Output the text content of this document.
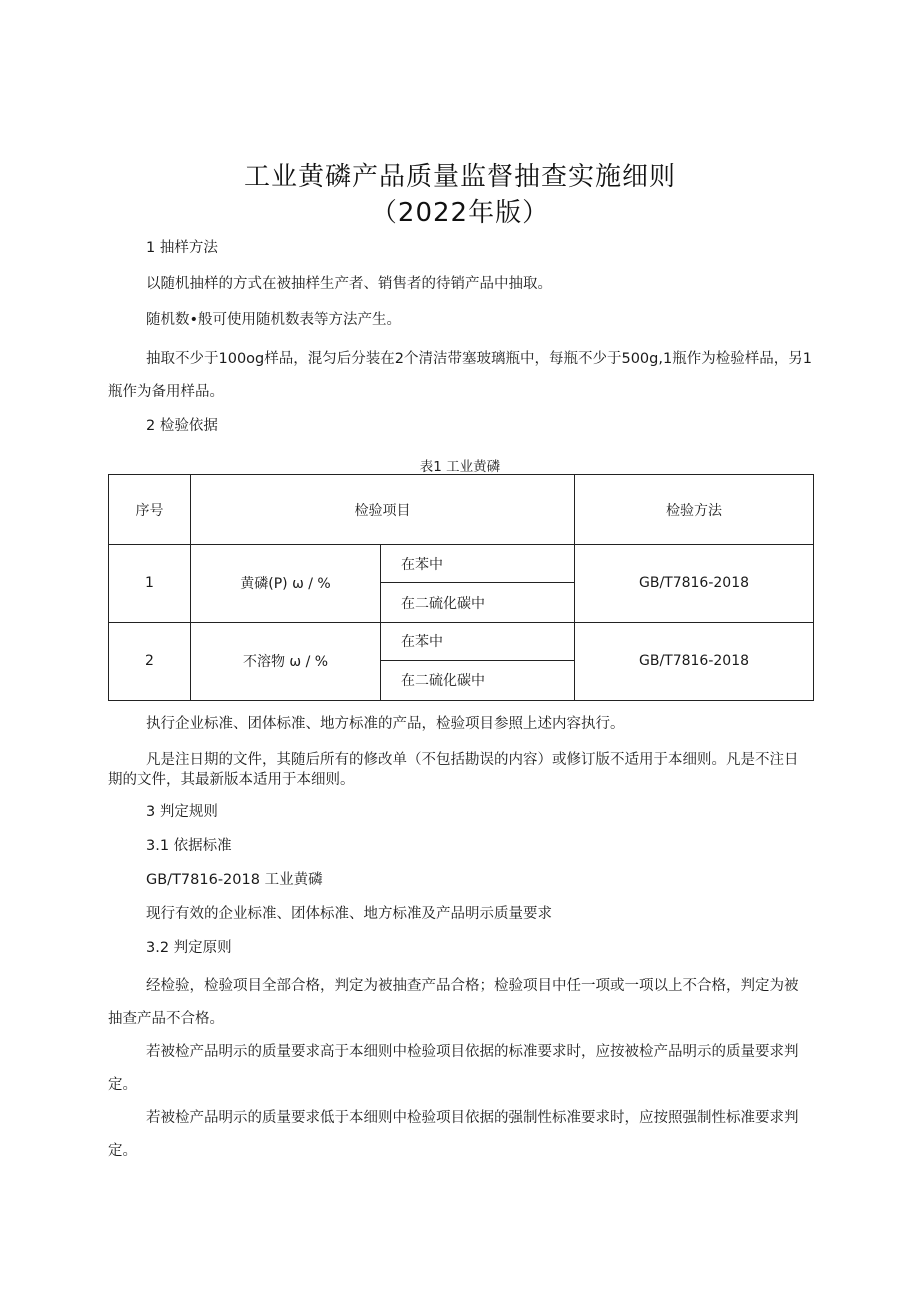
工业黄磷产品质量监督抽查实施细则
（2022年版）
1 抽样方法
以随机抽样的方式在被抽样生产者、销售者的待销产品中抽取。
随机数•般可使用随机数表等方法产生。
抽取不少于100og样品，混匀后分装在2个清洁带塞玻璃瓶中，每瓶不少于500g,1瓶作为检验样品，另1瓶作为备用样品。
2 检验依据
表1 工业黄磷
序号	检验项目		检验方法
1	黄磷(P) ω / %	在苯中	GB/T7816-2018
		在二硫化碳中	
2	不溶物 ω / %	在苯中	GB/T7816-2018
		在二硫化碳中	
执行企业标准、团体标准、地方标准的产品，检验项目参照上述内容执行。
凡是注日期的文件，其随后所有的修改单（不包括勘误的内容）或修订版不适用于本细则。凡是不注日期的文件，其最新版本适用于本细则。
3 判定规则
3.1 依据标准
GB/T7816-2018 工业黄磷
现行有效的企业标准、团体标准、地方标准及产品明示质量要求
3.2 判定原则
经检验，检验项目全部合格，判定为被抽查产品合格；检验项目中任一项或一项以上不合格，判定为被抽查产品不合格。
若被检产品明示的质量要求高于本细则中检验项目依据的标准要求时，应按被检产品明示的质量要求判定。
若被检产品明示的质量要求低于本细则中检验项目依据的强制性标准要求时，应按照强制性标准要求判定。
